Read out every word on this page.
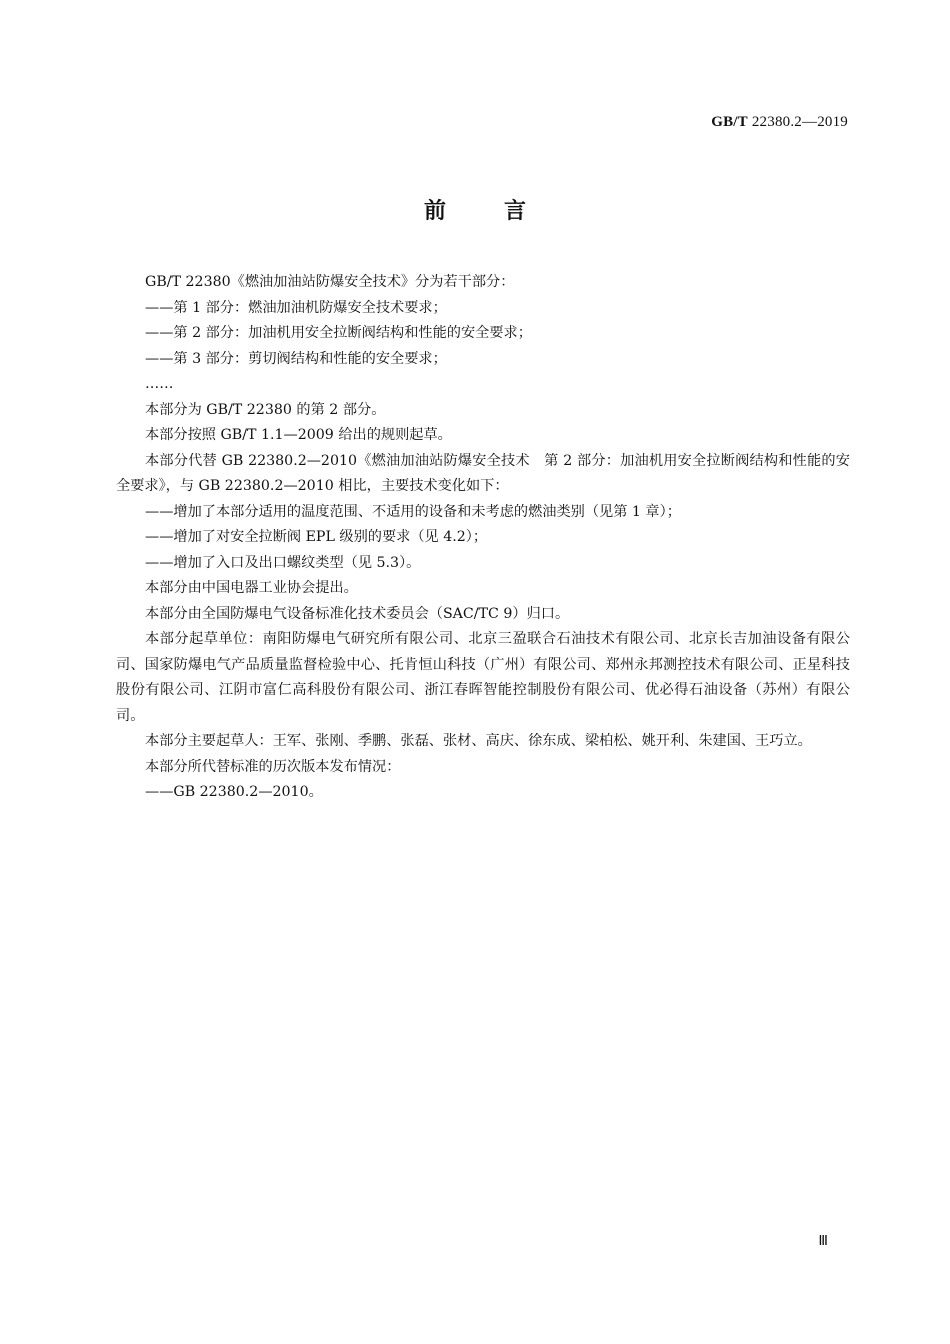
GB/T 22380.2—2019
前言

GB/T 22380《燃油加油站防爆安全技术》分为若干部分：

——第 1 部分：燃油加油机防爆安全技术要求；

——第 2 部分：加油机用安全拉断阀结构和性能的安全要求；

——第 3 部分：剪切阀结构和性能的安全要求；

……

本部分为 GB/T 22380 的第 2 部分。

本部分按照 GB/T 1.1—2009 给出的规则起草。

本部分代替 GB 22380.2—2010《燃油加油站防爆安全技术　第 2 部分：加油机用安全拉断阀结构和性能的安全要求》，与 GB 22380.2—2010 相比，主要技术变化如下：

——增加了本部分适用的温度范围、不适用的设备和未考虑的燃油类别（见第 1 章）；

——增加了对安全拉断阀 EPL 级别的要求（见 4.2）；

——增加了入口及出口螺纹类型（见 5.3）。

本部分由中国电器工业协会提出。

本部分由全国防爆电气设备标准化技术委员会（SAC/TC 9）归口。

本部分起草单位：南阳防爆电气研究所有限公司、北京三盈联合石油技术有限公司、北京长吉加油设备有限公司、国家防爆电气产品质量监督检验中心、托肯恒山科技（广州）有限公司、郑州永邦测控技术有限公司、正星科技股份有限公司、江阴市富仁高科股份有限公司、浙江春晖智能控制股份有限公司、优必得石油设备（苏州）有限公司。

本部分主要起草人：王军、张刚、季鹏、张磊、张材、高庆、徐东成、梁柏松、姚开利、朱建国、王巧立。

本部分所代替标准的历次版本发布情况：

——GB 22380.2—2010。

Ⅲ
